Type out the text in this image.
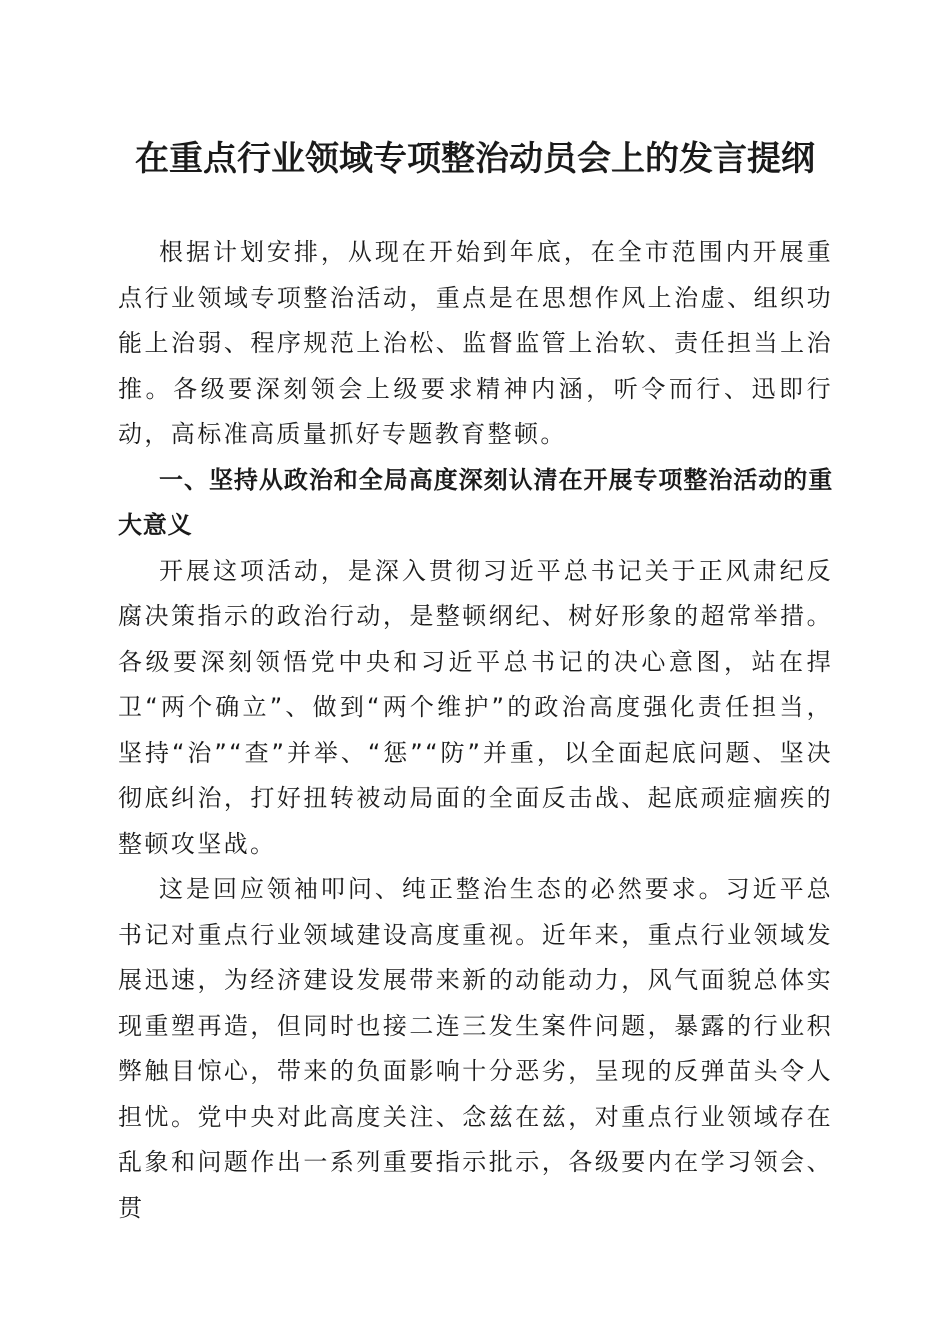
在重点行业领域专项整治动员会上的发言提纲

根据计划安排，从现在开始到年底，在全市范围内开展重点行业领域专项整治活动，重点是在思想作风上治虚、组织功能上治弱、程序规范上治松、监督监管上治软、责任担当上治推。各级要深刻领会上级要求精神内涵，听令而行、迅即行动，高标准高质量抓好专题教育整顿。

一、坚持从政治和全局高度深刻认清在开展专项整治活动的重大意义

开展这项活动，是深入贯彻习近平总书记关于正风肃纪反腐决策指示的政治行动，是整顿纲纪、树好形象的超常举措。各级要深刻领悟党中央和习近平总书记的决心意图，站在捍卫“两个确立”、做到“两个维护”的政治高度强化责任担当，坚持“治”“查”并举、“惩”“防”并重，以全面起底问题、坚决彻底纠治，打好扭转被动局面的全面反击战、起底顽症痼疾的整顿攻坚战。

这是回应领袖叩问、纯正整治生态的必然要求。习近平总书记对重点行业领域建设高度重视。近年来，重点行业领域发展迅速，为经济建设发展带来新的动能动力，风气面貌总体实现重塑再造，但同时也接二连三发生案件问题，暴露的行业积弊触目惊心，带来的负面影响十分恶劣，呈现的反弹苗头令人担忧。党中央对此高度关注、念兹在兹，对重点行业领域存在乱象和问题作出一系列重要指示批示，各级要内在学习领会、贯
